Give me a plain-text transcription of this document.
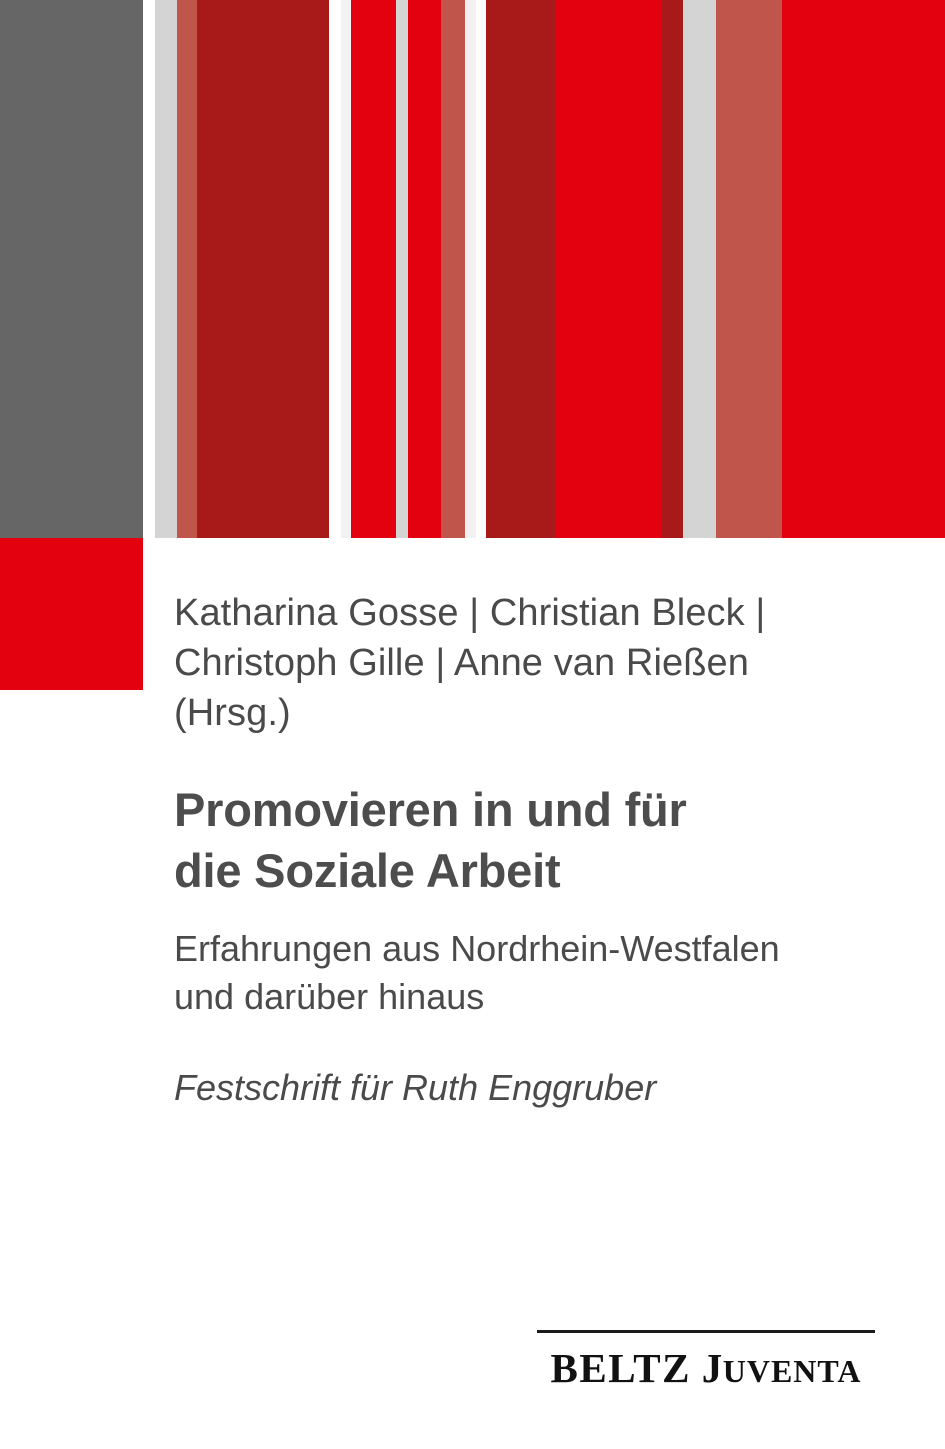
Katharina Gosse | Christian Bleck |
Christoph Gille | Anne van Rießen (Hrsg.)
Promovieren in und für
die Soziale Arbeit
Erfahrungen aus Nordrhein-Westfalen
und darüber hinaus
Festschrift für Ruth Enggruber
BELTZ JUVENTA
